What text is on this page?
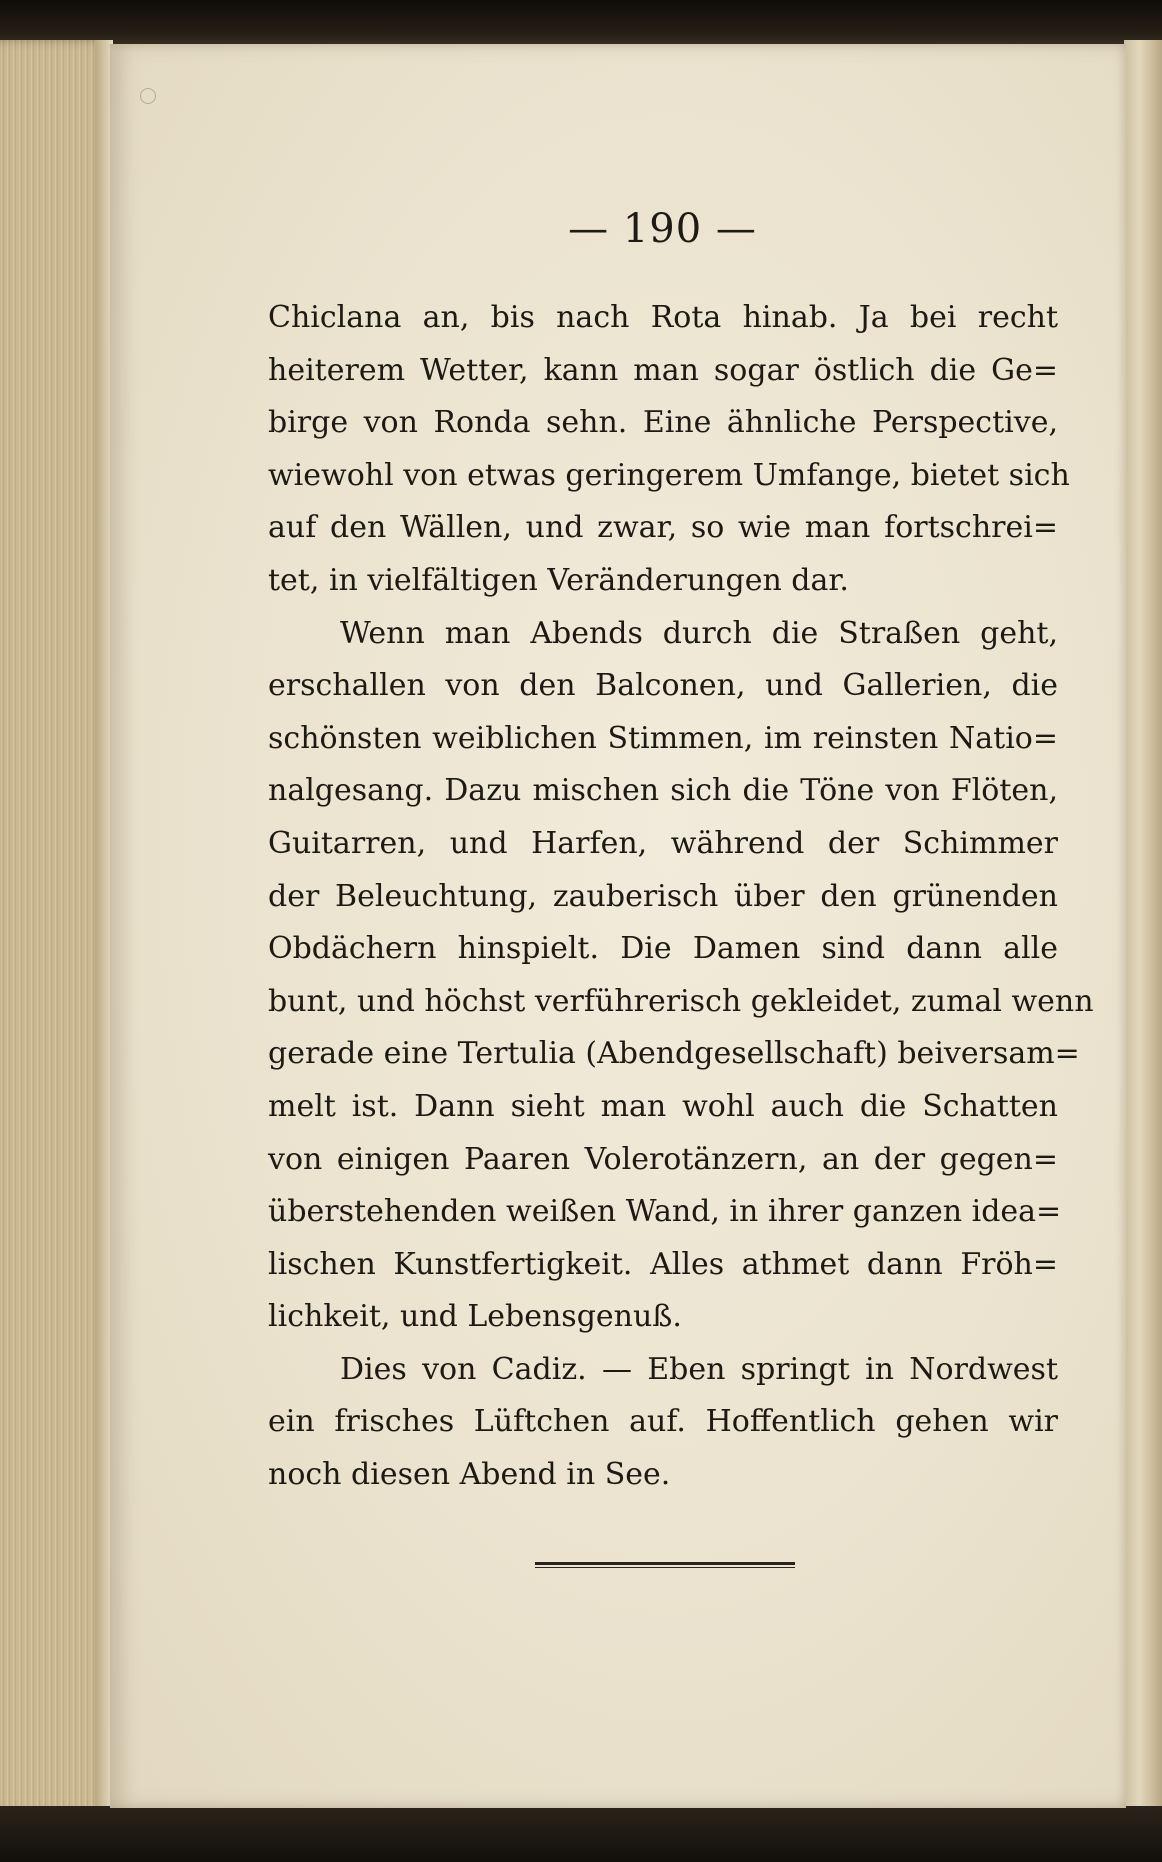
— 190 —
Chiclana an, bis nach Rota hinab. Ja bei recht
heiterem Wetter, kann man sogar östlich die Ge=
birge von Ronda sehn. Eine ähnliche Perspective,
wiewohl von etwas geringerem Umfange, bietet sich
auf den Wällen, und zwar, so wie man fortschrei=
tet, in vielfältigen Veränderungen dar.
Wenn man Abends durch die Straßen geht,
erschallen von den Balconen, und Gallerien, die
schönsten weiblichen Stimmen, im reinsten Natio=
nalgesang. Dazu mischen sich die Töne von Flöten,
Guitarren, und Harfen, während der Schimmer
der Beleuchtung, zauberisch über den grünenden
Obdächern hinspielt. Die Damen sind dann alle
bunt, und höchst verführerisch gekleidet, zumal wenn
gerade eine Tertulia (Abendgesellschaft) beiversam=
melt ist. Dann sieht man wohl auch die Schatten
von einigen Paaren Volerotänzern, an der gegen=
überstehenden weißen Wand, in ihrer ganzen idea=
lischen Kunstfertigkeit. Alles athmet dann Fröh=
lichkeit, und Lebensgenuß.
Dies von Cadiz. — Eben springt in Nordwest
ein frisches Lüftchen auf. Hoffentlich gehen wir
noch diesen Abend in See.
